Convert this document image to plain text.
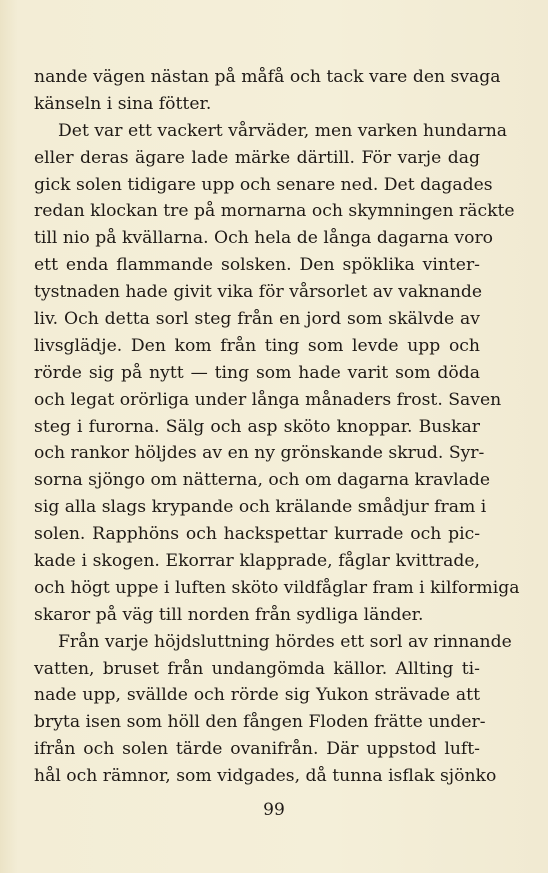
nande vägen nästan på måfå och tack vare den svaga
känseln i sina fötter.
Det var ett vackert vårväder, men varken hundarna
eller deras ägare lade märke därtill. För varje dag
gick solen tidigare upp och senare ned. Det dagades
redan klockan tre på mornarna och skymningen räckte
till nio på kvällarna. Och hela de långa dagarna voro
ett enda flammande solsken. Den spöklika vinter-
tystnaden hade givit vika för vårsorlet av vaknande
liv. Och detta sorl steg från en jord som skälvde av
livsglädje. Den kom från ting som levde upp och
rörde sig på nytt — ting som hade varit som döda
och legat orörliga under långa månaders frost. Saven
steg i furorna. Sälg och asp sköto knoppar. Buskar
och rankor höljdes av en ny grönskande skrud. Syr-
sorna sjöngo om nätterna, och om dagarna kravlade
sig alla slags krypande och krälande smådjur fram i
solen. Rapphöns och hackspettar kurrade och pic-
kade i skogen. Ekorrar klapprade, fåglar kvittrade,
och högt uppe i luften sköto vildfåglar fram i kilformiga
skaror på väg till norden från sydliga länder.
Från varje höjdsluttning hördes ett sorl av rinnande
vatten, bruset från undangömda källor. Allting ti-
nade upp, svällde och rörde sig Yukon strävade att
bryta isen som höll den fången Floden frätte under-
ifrån och solen tärde ovanifrån. Där uppstod luft-
hål och rämnor, som vidgades, då tunna isflak sjönko
99
